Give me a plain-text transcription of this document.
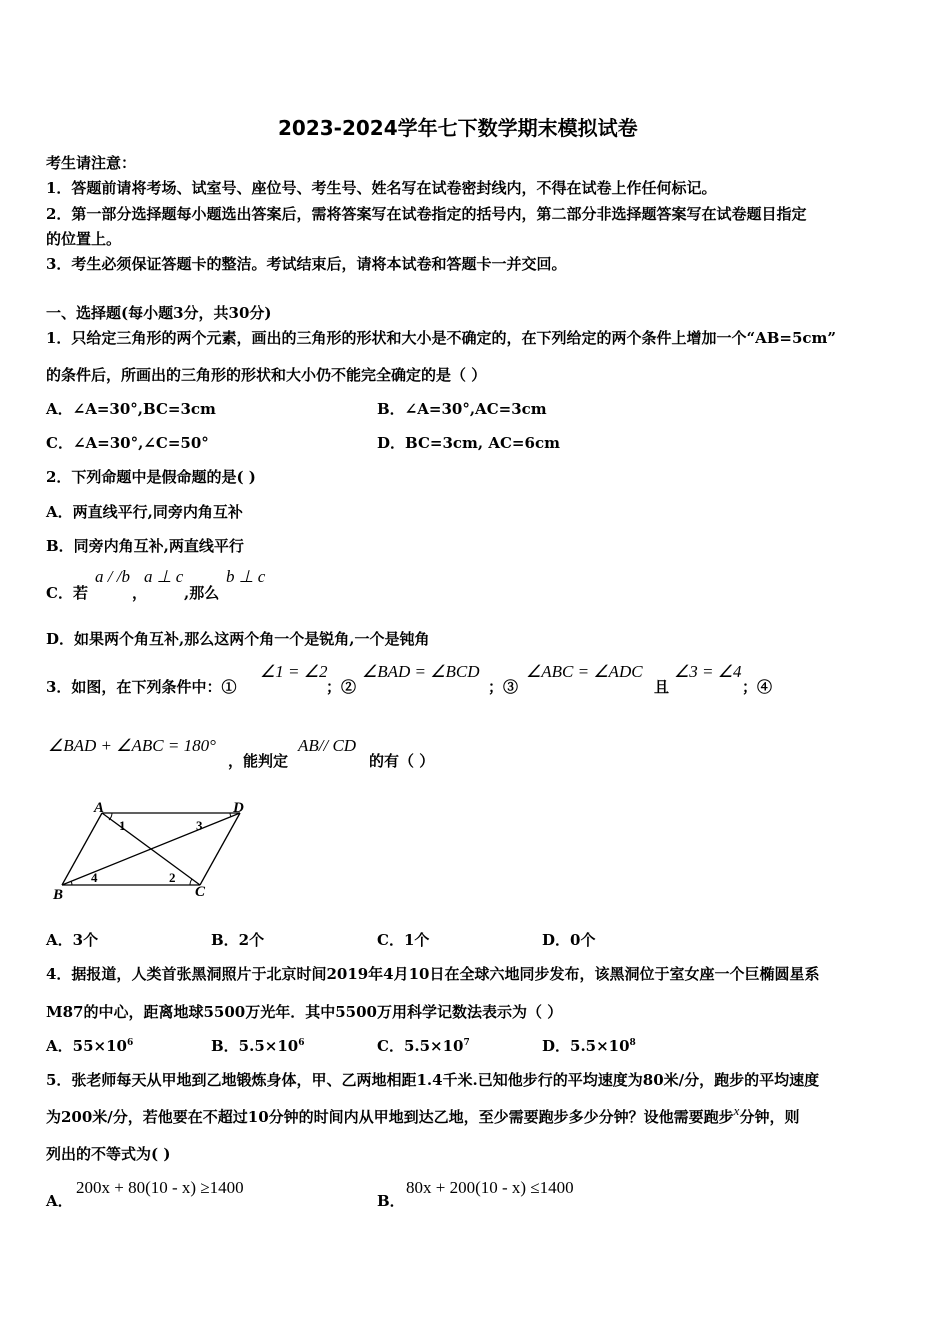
2023-2024学年七下数学期末模拟试卷
考生请注意：
1．答题前请将考场、试室号、座位号、考生号、姓名写在试卷密封线内，不得在试卷上作任何标记。
2．第一部分选择题每小题选出答案后，需将答案写在试卷指定的括号内，第二部分非选择题答案写在试卷题目指定
的位置上。
3．考生必须保证答题卡的整洁。考试结束后，请将本试卷和答题卡一并交回。
一、选择题(每小题3分，共30分)
1．只给定三角形的两个元素，画出的三角形的形状和大小是不确定的，在下列给定的两个条件上增加一个“AB=5cm”
的条件后，所画出的三角形的形状和大小仍不能完全确定的是（ ）
A．∠A=30°,BC=3cm	B．∠A=30°,AC=3cm
C．∠A=30°,∠C=50°	D．BC=3cm, AC=6cm
2．下列命题中是假命题的是( )
A．两直线平行,同旁内角互补
B．同旁内角互补,两直线平行
C．若
a / /b
，
a ⊥ c
,那么
b ⊥ c
D．如果两个角互补,那么这两个角一个是锐角,一个是钝角
3．如图，在下列条件中：①
∠1 = ∠2
；②
∠BAD = ∠BCD
；③
∠ABC = ∠ADC
且
∠3 = ∠4
；④
∠BAD + ∠ABC = 180°
，能判定
AB// CD
的有（ ）
A	D
B	C
1
2
3
4
A．3个	B．2个	C．1个	D．0个
4．据报道，人类首张黑洞照片于北京时间2019年4月10日在全球六地同步发布，该黑洞位于室女座一个巨椭圆星系
M87的中心，距离地球5500万光年．其中5500万用科学记数法表示为（ ）
A．$55\times 10^6$	B．$5.5\times 10^6$	C．$5.5\times 10^7$	D．$5.5\times 10^8$
5．张老师每天从甲地到乙地锻炼身体，甲、乙两地相距1.4千米.已知他步行的平均速度为80米/分，跑步的平均速度
为200米/分，若他要在不超过10分钟的时间内从甲地到达乙地，至少需要跑步多少分钟？设他需要跑步x分钟，则
列出的不等式为( )
A．
200x + 80(10 - x) ≥1400
B．
80x + 200(10 - x) ≤1400
